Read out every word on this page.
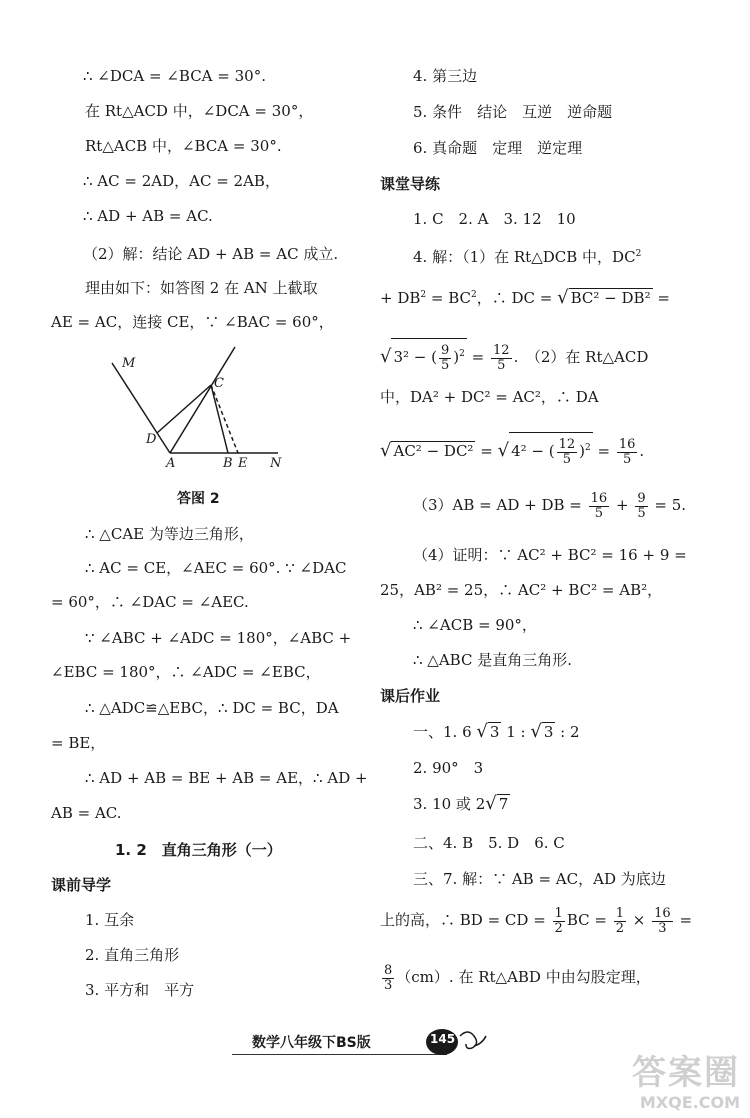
∴ ∠DCA = ∠BCA = 30°.
在 Rt△ACD 中，∠DCA = 30°，
Rt△ACB 中，∠BCA = 30°.
∴ AC = 2AD，AC = 2AB，
∴ AD + AB = AC.
（2）解：结论 AD + AB = AC 成立.
理由如下：如答图 2 在 AN 上截取
AE = AC，连接 CE，∵ ∠BAC = 60°，
M
C
D
A	B E N
答图 2
∴ △CAE 为等边三角形，
∴ AC = CE，∠AEC = 60°. ∵ ∠DAC
= 60°，∴ ∠DAC = ∠AEC.
∵ ∠ABC + ∠ADC = 180°，∠ABC +
∠EBC = 180°，∴ ∠ADC = ∠EBC，
∴ △ADC≌△EBC，∴ DC = BC，DA
= BE，
∴ AD + AB = BE + AB = AE，∴ AD +
AB = AC.
1. 2　直角三角形（一）
课前导学
1. 互余
2. 直角三角形
3. 平方和　平方
4. 第三边
5. 条件　结论　互逆　逆命题
6. 真命题　定理　逆定理
课堂导练
1. C　2. A　3. 12　10
4. 解：（1）在 Rt△DCB 中，$DC^2$
+ $DB^2 = BC^2$，∴ DC = √ BC² − DB² =
√ 3² − ( $\frac{9}{5} )^2 = \frac{12}{5}$ .　（2）在 Rt△ACD
中，DA² + DC² = AC²，∴ DA
√ AC² − DC² = √ 4² − ( $\frac{12}{5} )^2 = \frac{16}{5}$ .
（3）AB = AD + DB = $\frac{16}{5} + \frac{9}{5} = 5$.
（4）证明：∵ AC² + BC² = 16 + 9 =
25，AB² = 25，∴ AC² + BC² = AB²，
∴ ∠ACB = 90°，
∴ △ABC 是直角三角形.
课后作业
一、1. 6 √ 3 1 : √ 3 : 2
2. 90°　3
3. 10 或 2√ 7
二、4. B　5. D　6. C
三、7. 解：∵ AB = AC，AD 为底边
上的高，∴ BD = CD = $\frac{1}{2}$ BC = $\frac{1}{2} \times \frac{16}{3}$ =
$\frac{8}{3} (cm)$. 在 Rt△ABD 中由勾股定理，
数学八年级下BS版	145
答案圈
MXQE.COM
